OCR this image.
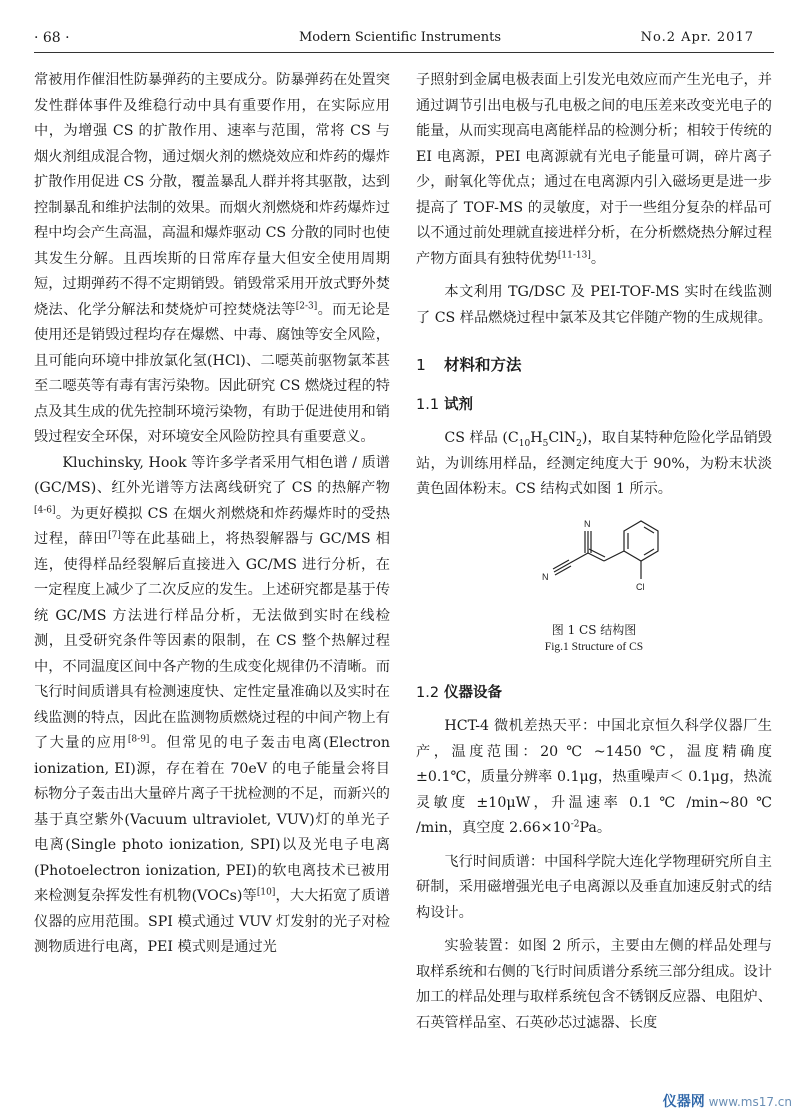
· 68 ·	Modern Scientific Instruments	No.2 Apr. 2017

常被用作催泪性防暴弹药的主要成分。防暴弹药在处置突发性群体事件及维稳行动中具有重要作用，在实际应用中，为增强 CS 的扩散作用、速率与范围，常将 CS 与烟火剂组成混合物，通过烟火剂的燃烧效应和炸药的爆炸扩散作用促进 CS 分散，覆盖暴乱人群并将其驱散，达到控制暴乱和维护法制的效果。而烟火剂燃烧和炸药爆炸过程中均会产生高温，高温和爆炸驱动 CS 分散的同时也使其发生分解。且西埃斯的日常库存量大但安全使用周期短，过期弹药不得不定期销毁。销毁常采用开放式野外焚烧法、化学分解法和焚烧炉可控焚烧法等[2-3]。而无论是使用还是销毁过程均存在爆燃、中毒、腐蚀等安全风险，且可能向环境中排放氯化氢(HCl)、二噁英前驱物氯苯甚至二噁英等有毒有害污染物。因此研究 CS 燃烧过程的特点及其生成的优先控制环境污染物，有助于促进使用和销毁过程安全环保，对环境安全风险防控具有重要意义。

Kluchinsky, Hook 等许多学者采用气相色谱 / 质谱(GC/MS)、红外光谱等方法离线研究了 CS 的热解产物[4-6]。为更好模拟 CS 在烟火剂燃烧和炸药爆炸时的受热过程，薛田[7]等在此基础上，将热裂解器与 GC/MS 相连，使得样品经裂解后直接进入 GC/MS 进行分析，在一定程度上减少了二次反应的发生。上述研究都是基于传统 GC/MS 方法进行样品分析，无法做到实时在线检测，且受研究条件等因素的限制，在 CS 整个热解过程中，不同温度区间中各产物的生成变化规律仍不清晰。而飞行时间质谱具有检测速度快、定性定量准确以及实时在线监测的特点，因此在监测物质燃烧过程的中间产物上有了大量的应用[8-9]。但常见的电子轰击电离(Electron ionization, EI)源，存在着在 70eV 的电子能量会将目标物分子轰击出大量碎片离子干扰检测的不足，而新兴的基于真空紫外(Vacuum ultraviolet, VUV)灯的单光子电离(Single photo ionization, SPI)以及光电子电离(Photoelectron ionization, PEI)的软电离技术已被用来检测复杂挥发性有机物(VOCs)等[10]，大大拓宽了质谱仪器的应用范围。SPI 模式通过 VUV 灯发射的光子对检测物质进行电离，PEI 模式则是通过光

子照射到金属电极表面上引发光电效应而产生光电子，并通过调节引出电极与孔电极之间的电压差来改变光电子的能量，从而实现高电离能样品的检测分析；相较于传统的 EI 电离源，PEI 电离源就有光电子能量可调，碎片离子少，耐氧化等优点；通过在电离源内引入磁场更是进一步提高了 TOF-MS 的灵敏度，对于一些组分复杂的样品可以不通过前处理就直接进样分析，在分析燃烧热分解过程产物方面具有独特优势[11-13]。

本文利用 TG/DSC 及 PEI-TOF-MS 实时在线监测了 CS 样品燃烧过程中氯苯及其它伴随产物的生成规律。

1 材料和方法
1.1 试剂

CS 样品 $(C_{10}H_5ClN_2)$，取自某特种危险化学品销毁站，为训练用样品，经测定纯度大于 90%，为粉末状淡黄色固体粉末。CS 结构式如图 1 所示。

N
N
Cl
图 1 CS 结构图
Fig.1 Structure of CS
1.2 仪器设备

HCT-4 微机差热天平：中国北京恒久科学仪器厂生产，温度范围：20 ℃ ~1450 ℃，温度精确度 ±0.1℃，质量分辨率 0.1μg，热重噪声＜ 0.1μg，热流灵敏度 ±10μW，升温速率 0.1 ℃ /min~80 ℃ /min，真空度 $2.66\times 10^{-2}Pa$。

飞行时间质谱：中国科学院大连化学物理研究所自主研制，采用磁增强光电子电离源以及垂直加速反射式的结构设计。

实验装置：如图 2 所示，主要由左侧的样品处理与取样系统和右侧的飞行时间质谱分系统三部分组成。设计加工的样品处理与取样系统包含不锈钢反应器、电阻炉、石英管样品室、石英砂芯过滤器、长度

仪器网 www.ms17.cn
